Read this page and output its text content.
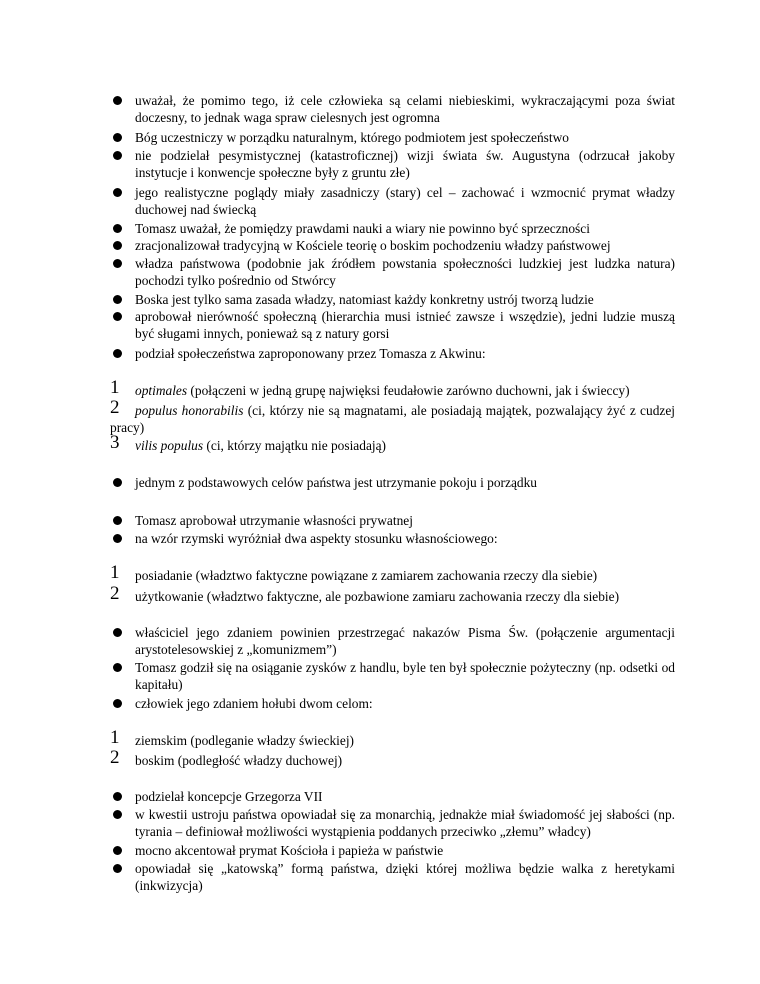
uważał, że pomimo tego, iż cele człowieka są celami niebieskimi, wykraczającymi poza świat doczesny, to jednak waga spraw cielesnych jest ogromna
Bóg uczestniczy w porządku naturalnym, którego podmiotem jest społeczeństwo
nie podzielał pesymistycznej (katastroficznej) wizji świata św. Augustyna (odrzucał jakoby instytucje i konwencje społeczne były z gruntu złe)
jego realistyczne poglądy miały zasadniczy (stary) cel – zachować i wzmocnić prymat władzy duchowej nad świecką
Tomasz uważał, że pomiędzy prawdami nauki a wiary nie powinno być sprzeczności
zracjonalizował tradycyjną w Kościele teorię o boskim pochodzeniu władzy państwowej
władza państwowa (podobnie jak źródłem powstania społeczności ludzkiej jest ludzka natura) pochodzi tylko pośrednio od Stwórcy
Boska jest tylko sama zasada władzy, natomiast każdy konkretny ustrój tworzą ludzie
aprobował nierówność społeczną (hierarchia musi istnieć zawsze i wszędzie), jedni ludzie muszą być sługami innych, ponieważ są z natury gorsi
podział społeczeństwa zaproponowany przez Tomasza z Akwinu:
1 optimales (połączeni w jedną grupę najwięksi feudałowie zarówno duchowni, jak i świeccy)
2	populus honorabilis (ci, którzy nie są magnatami, ale posiadają majątek, pozwalający żyć z cudzej pracy)
3 vilis populus (ci, którzy majątku nie posiadają)
jednym z podstawowych celów państwa jest utrzymanie pokoju i porządku
Tomasz aprobował utrzymanie własności prywatnej
na wzór rzymski wyróżniał dwa aspekty stosunku własnościowego:
1 posiadanie (władztwo faktyczne powiązane z zamiarem zachowania rzeczy dla siebie)
2 użytkowanie (władztwo faktyczne, ale pozbawione zamiaru zachowania rzeczy dla siebie)
właściciel jego zdaniem powinien przestrzegać nakazów Pisma Św. (połączenie argumentacji arystotelesowskiej z „komunizmem”)
Tomasz godził się na osiąganie zysków z handlu, byle ten był społecznie pożyteczny (np. odsetki od kapitału)
człowiek jego zdaniem hołubi dwom celom:
1 ziemskim (podleganie władzy świeckiej)
2 boskim (podległość władzy duchowej)
podzielał koncepcje Grzegorza VII
w kwestii ustroju państwa opowiadał się za monarchią, jednakże miał świadomość jej słabości (np. tyrania – definiował możliwości wystąpienia poddanych przeciwko „złemu” władcy)
mocno akcentował prymat Kościoła i papieża w państwie
opowiadał się „katowską” formą państwa, dzięki której możliwa będzie walka z heretykami (inkwizycja)
